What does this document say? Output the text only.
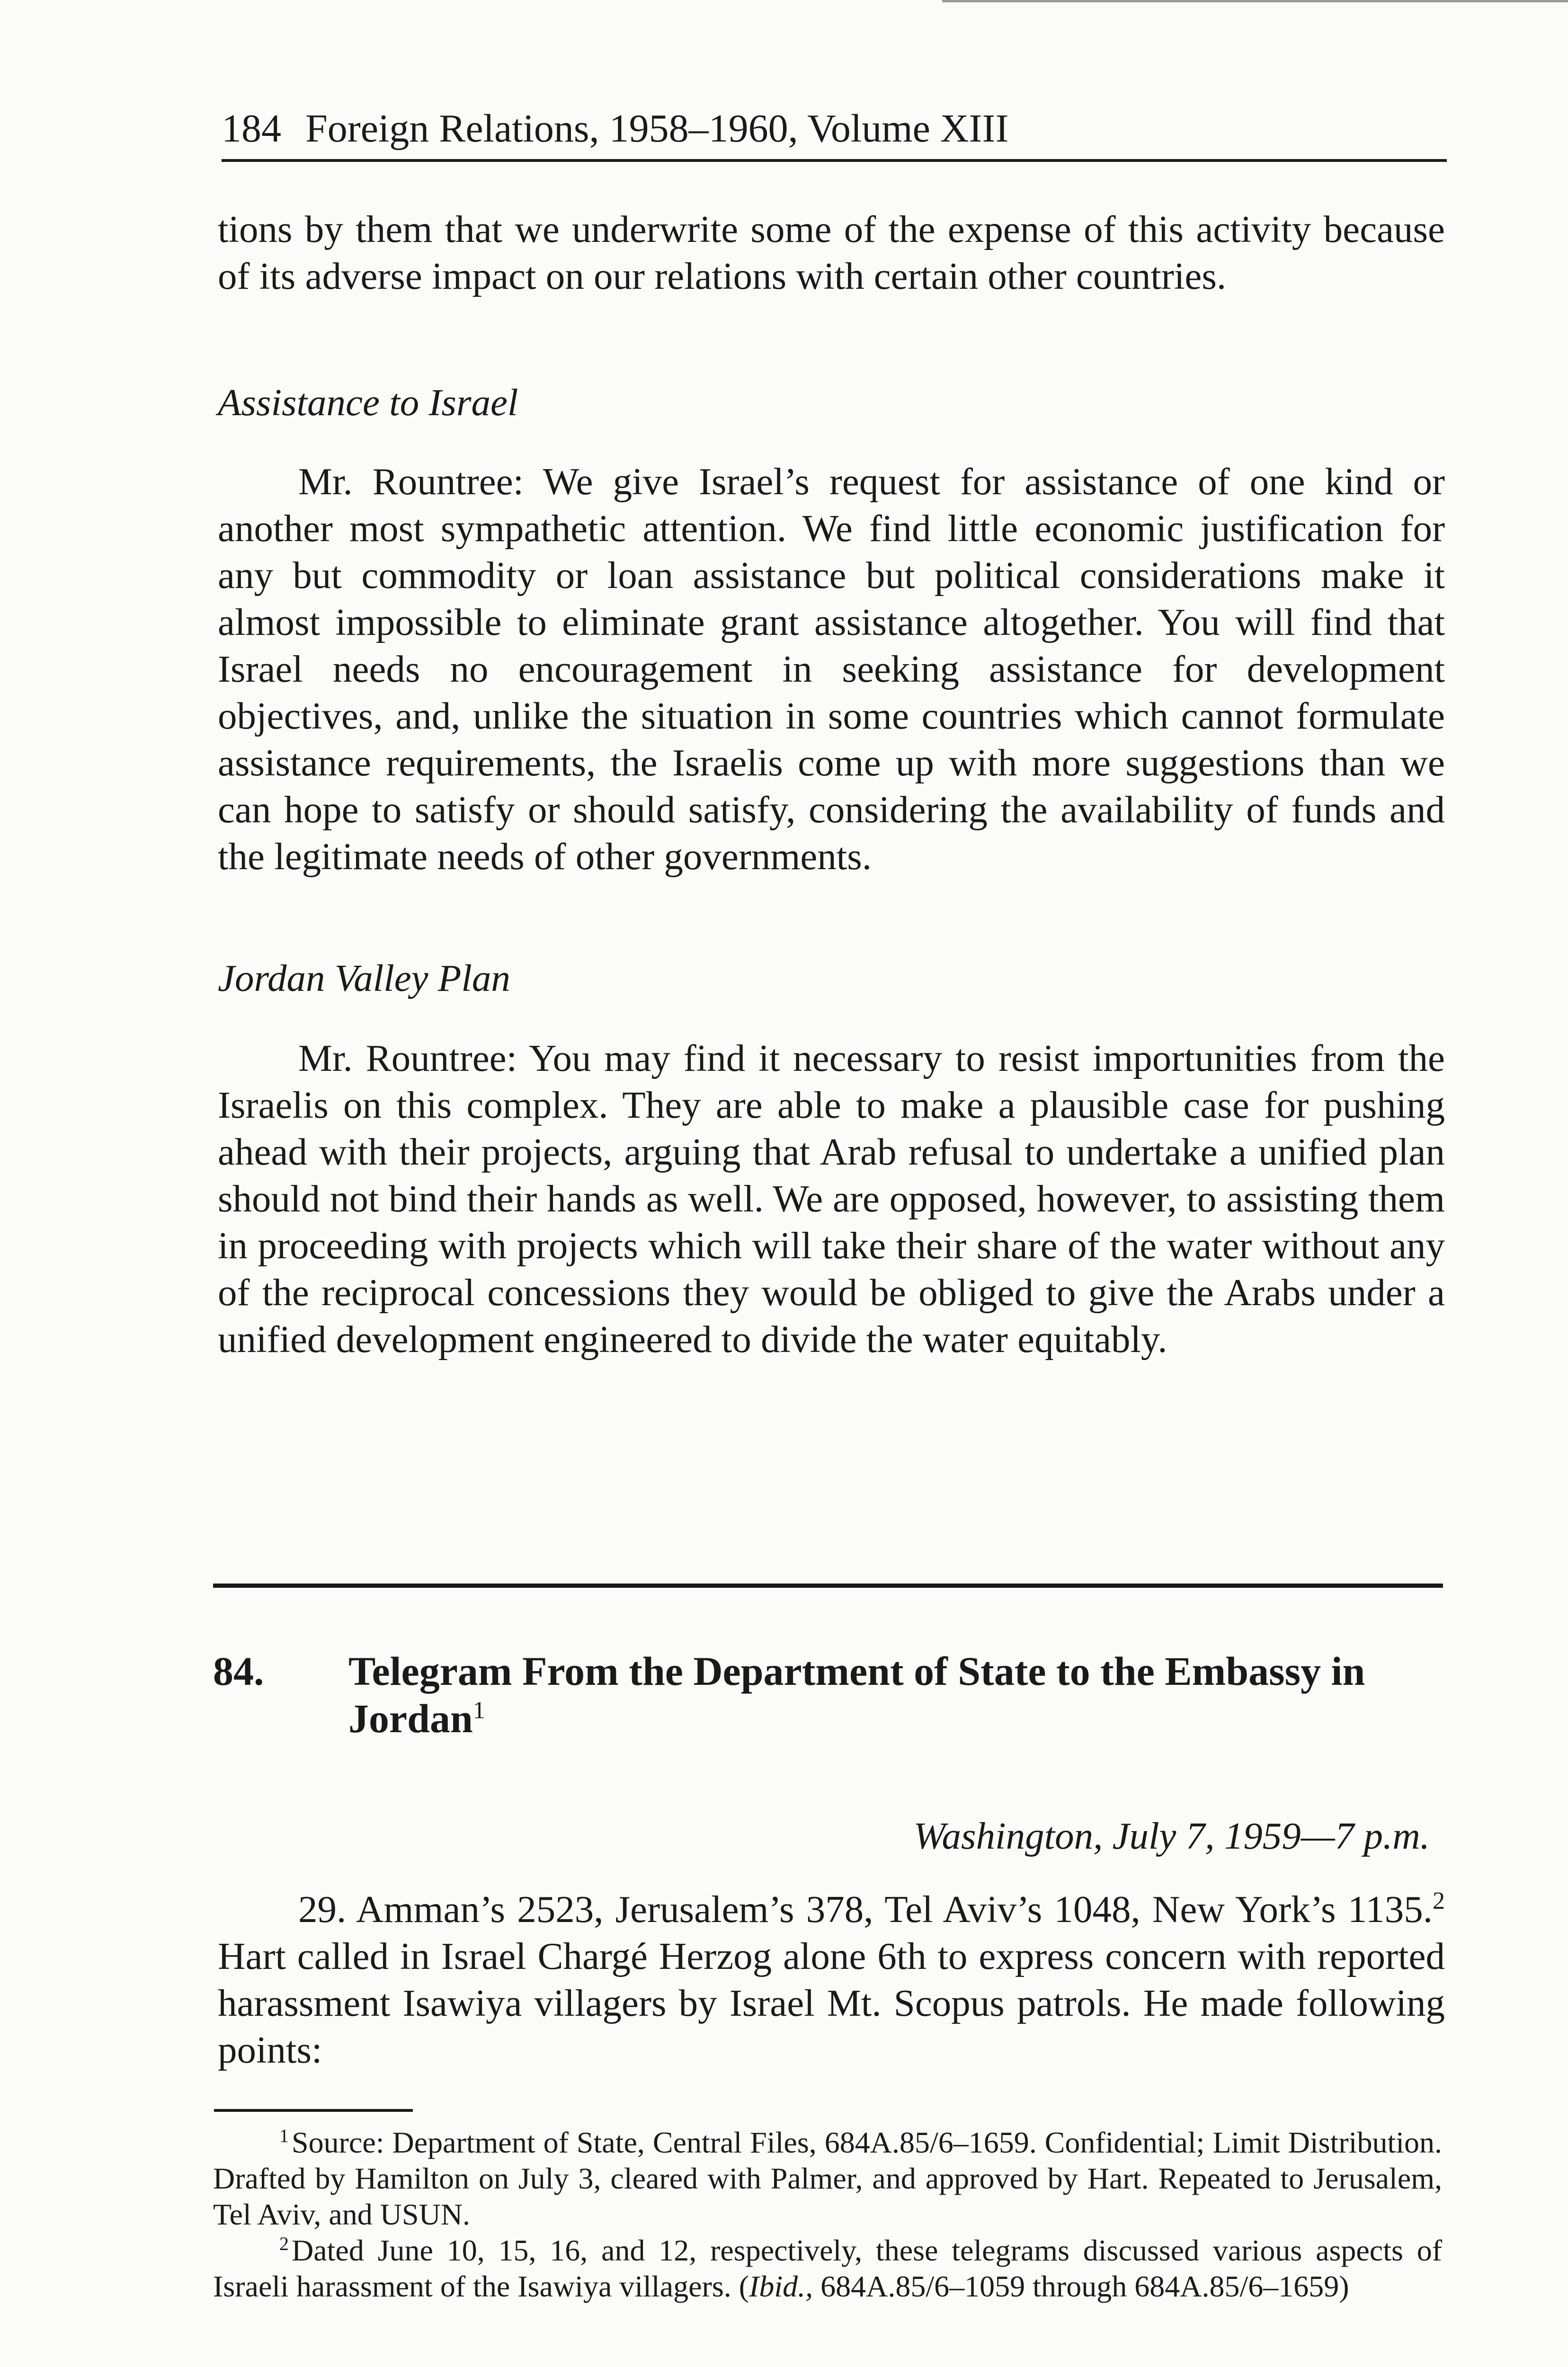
184 Foreign Relations, 1958–1960, Volume XIII

tions by them that we underwrite some of the expense of this activity because of its adverse impact on our relations with certain other countries.

Assistance to Israel

Mr. Rountree: We give Israel’s request for assistance of one kind or another most sympathetic attention. We find little economic justification for any but commodity or loan assistance but political considerations make it almost impossible to eliminate grant assistance altogether. You will find that Israel needs no encouragement in seeking assistance for development objectives, and, unlike the situation in some countries which cannot formulate assistance requirements, the Israelis come up with more suggestions than we can hope to satisfy or should satisfy, considering the availability of funds and the legitimate needs of other governments.

Jordan Valley Plan

Mr. Rountree: You may find it necessary to resist importunities from the Israelis on this complex. They are able to make a plausible case for pushing ahead with their projects, arguing that Arab refusal to undertake a unified plan should not bind their hands as well. We are opposed, however, to assisting them in proceeding with projects which will take their share of the water without any of the reciprocal concessions they would be obliged to give the Arabs under a unified development engineered to divide the water equitably.

84. Telegram From the Department of State to the Embassy in Jordan$^1$
Washington, July 7, 1959—7 p.m.

29. Amman’s 2523, Jerusalem’s 378, Tel Aviv’s 1048, New York’s 1135.$^2$ Hart called in Israel Chargé Herzog alone 6th to express concern with reported harassment Isawiya villagers by Israel Mt. Scopus patrols. He made following points:

$^1$Source: Department of State, Central Files, 684A.85/6–1659. Confidential; Limit Distribution. Drafted by Hamilton on July 3, cleared with Palmer, and approved by Hart. Repeated to Jerusalem, Tel Aviv, and USUN.

$^2$Dated June 10, 15, 16, and 12, respectively, these telegrams discussed various aspects of Israeli harassment of the Isawiya villagers. (Ibid., 684A.85/6–1059 through 684A.85/6–1659)
